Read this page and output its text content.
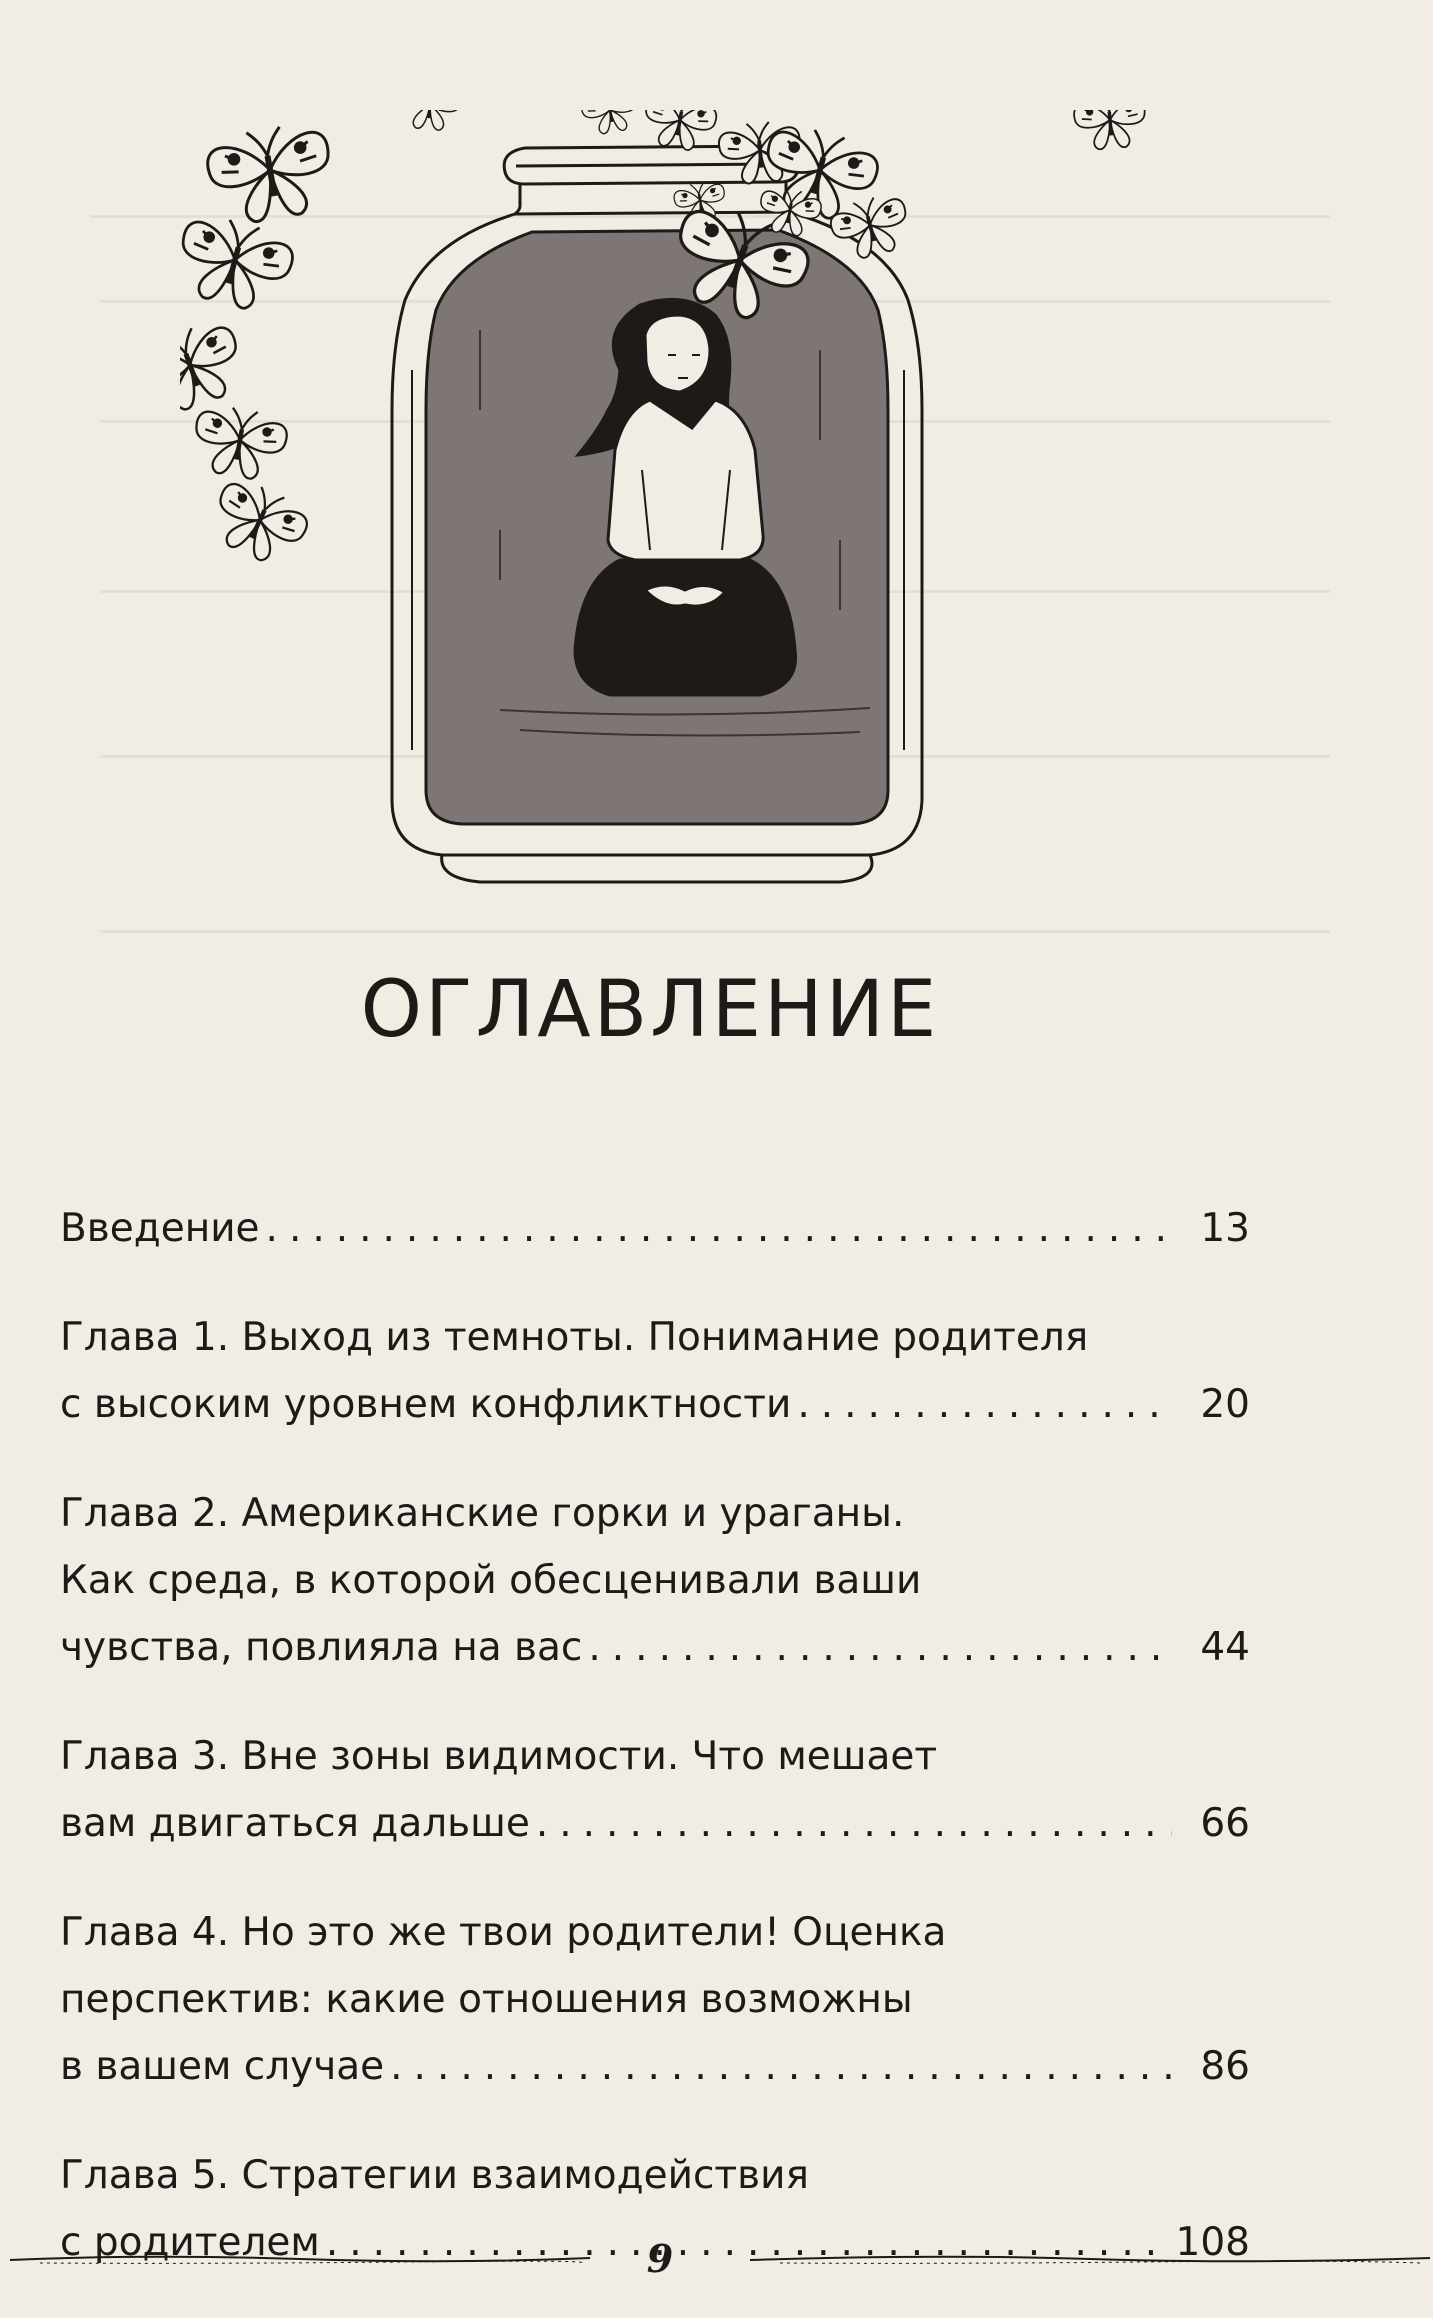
ОГЛАВЛЕНИЕ
Введение .....	13
Глава 1. Выход из темноты. Понимание родителя
с высоким уровнем конфликтности .....	20
Глава 2. Американские горки и ураганы.
Как среда, в которой обесценивали ваши
чувства, повлияла на вас .....	44
Глава 3. Вне зоны видимости. Что мешает
вам двигаться дальше .....	66
Глава 4. Но это же твои родители! Оценка
перспектив: какие отношения возможны
в вашем случае .....	86
Глава 5. Стратегии взаимодействия
с родителем .....	108
9
